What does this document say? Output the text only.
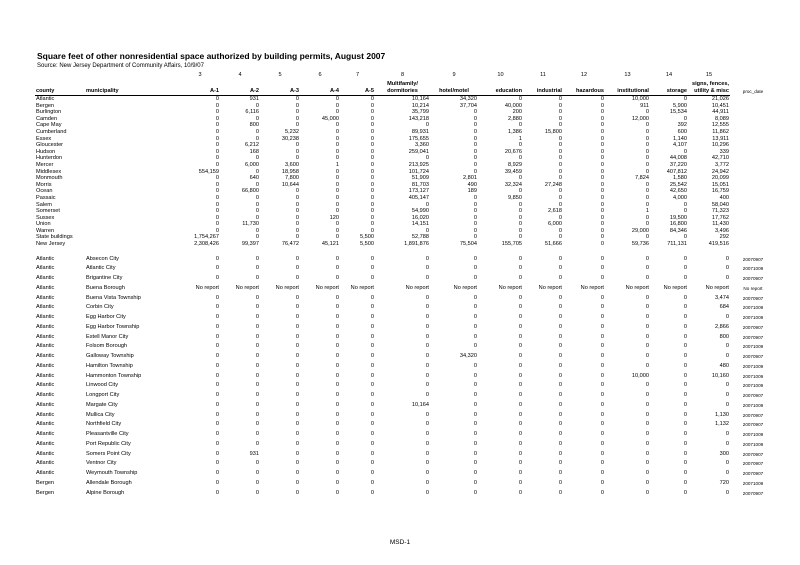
Square feet of other nonresidential space authorized by building permits, August 2007
Source: New Jersey Department of Community Affairs, 10/9/07
		3	4	5	6	7	8	9	10	11	12	13	14	15	
							Multifamily/							signs, fences,	
county	municipality	A-1	A-2	A-3	A-4	A-5	dormitories	hotel/motel	education	industrial	hazardous	institutional	storage	utility & misc	proc_date
Atlantic		0	931	0	0	0	10,164	34,320	0	0	0	10,000	0	21,026	
Bergen		0	0	0	0	0	10,214	37,704	40,000	0	0	911	5,900	10,451	
Burlington		0	6,116	0	0	0	35,799	0	200	0	0	0	15,534	44,911	
Camden		0	0	0	45,000	0	143,218	0	2,880	0	0	12,000	0	8,089	
Cape May		0	800	0	0	0	0	0	0	0	0	0	392	12,555	
Cumberland		0	0	5,232	0	0	89,931	0	1,386	15,800	0	0	600	11,862	
Essex		0	0	30,238	0	0	175,655	0	1	0	0	0	1,140	13,911	
Gloucester		0	6,212	0	0	0	3,360	0	0	0	0	0	4,107	10,296	
Hudson		0	168	0	0	0	259,041	0	20,676	0	0	0	0	339	
Hunterdon		0	0	0	0	0	0	0	0	0	0	0	44,008	42,710	
Mercer		0	6,000	3,600	1	0	213,925	0	8,929	0	0	0	37,220	3,772	
Middlesex		554,159	0	18,958	0	0	101,724	0	39,459	0	0	0	407,812	24,942	
Monmouth		0	640	7,800	0	0	51,909	2,801	0	0	0	7,824	1,580	20,099	
Morris		0	0	10,644	0	0	81,703	490	32,324	27,248	0	0	25,542	15,051	
Ocean		0	66,800	0	0	0	173,127	189	0	0	0	0	42,650	16,759	
Passaic		0	0	0	0	0	405,147	0	9,850	0	0	0	4,000	400	
Salem		0	0	0	0	0	0	0	0	0	0	0	0	58,040	
Somerset		0	0	0	0	0	54,990	0	0	2,618	0	1	0	71,323	
Sussex		0	0	0	120	0	16,020	0	0	0	0	0	19,500	17,762	
Union		0	11,730	0	0	0	14,151	0	0	6,000	0	0	16,800	11,430	
Warren		0	0	0	0	0	0	0	0	0	0	29,000	84,346	3,496	
State buildings		1,754,267	0	0	0	5,500	52,788	0	0	0	0	0	0	292	
New Jersey		2,308,426	99,397	76,472	45,121	5,500	1,891,876	75,504	155,705	51,666	0	59,736	711,131	419,516	

Atlantic	Absecon City	0	0	0	0	0	0	0	0	0	0	0	0	0	20070907
Atlantic	Atlantic City	0	0	0	0	0	0	0	0	0	0	0	0	0	20071009
Atlantic	Brigantine City	0	0	0	0	0	0	0	0	0	0	0	0	0	20070907
Atlantic	Buena Borough	No report	No report	No report	No report	No report	No report	No report	No report	No report	No report	No report	No report	No report	No report
Atlantic	Buena Vista Township	0	0	0	0	0	0	0	0	0	0	0	0	3,474	20070907
Atlantic	Corbin City	0	0	0	0	0	0	0	0	0	0	0	0	684	20071009
Atlantic	Egg Harbor City	0	0	0	0	0	0	0	0	0	0	0	0	0	20071009
Atlantic	Egg Harbor Township	0	0	0	0	0	0	0	0	0	0	0	0	2,866	20070907
Atlantic	Estell Manor City	0	0	0	0	0	0	0	0	0	0	0	0	800	20070907
Atlantic	Folsom Borough	0	0	0	0	0	0	0	0	0	0	0	0	0	20071009
Atlantic	Galloway Township	0	0	0	0	0	0	34,320	0	0	0	0	0	0	20070907
Atlantic	Hamilton Township	0	0	0	0	0	0	0	0	0	0	0	0	480	20071009
Atlantic	Hammonton Township	0	0	0	0	0	0	0	0	0	0	10,000	0	10,160	20071009
Atlantic	Linwood City	0	0	0	0	0	0	0	0	0	0	0	0	0	20071009
Atlantic	Longport City	0	0	0	0	0	0	0	0	0	0	0	0	0	20070907
Atlantic	Margate City	0	0	0	0	0	10,164	0	0	0	0	0	0	0	20071009
Atlantic	Mullica City	0	0	0	0	0	0	0	0	0	0	0	0	1,130	20070907
Atlantic	Northfield City	0	0	0	0	0	0	0	0	0	0	0	0	1,132	20070907
Atlantic	Pleasantville City	0	0	0	0	0	0	0	0	0	0	0	0	0	20071009
Atlantic	Port Republic City	0	0	0	0	0	0	0	0	0	0	0	0	0	20071009
Atlantic	Somers Point City	0	931	0	0	0	0	0	0	0	0	0	0	300	20070907
Atlantic	Ventnor City	0	0	0	0	0	0	0	0	0	0	0	0	0	20070907
Atlantic	Weymouth Township	0	0	0	0	0	0	0	0	0	0	0	0	0	20070907
Bergen	Allendale Borough	0	0	0	0	0	0	0	0	0	0	0	0	720	20071009
Bergen	Alpine Borough	0	0	0	0	0	0	0	0	0	0	0	0	0	20070907
MSD-1
